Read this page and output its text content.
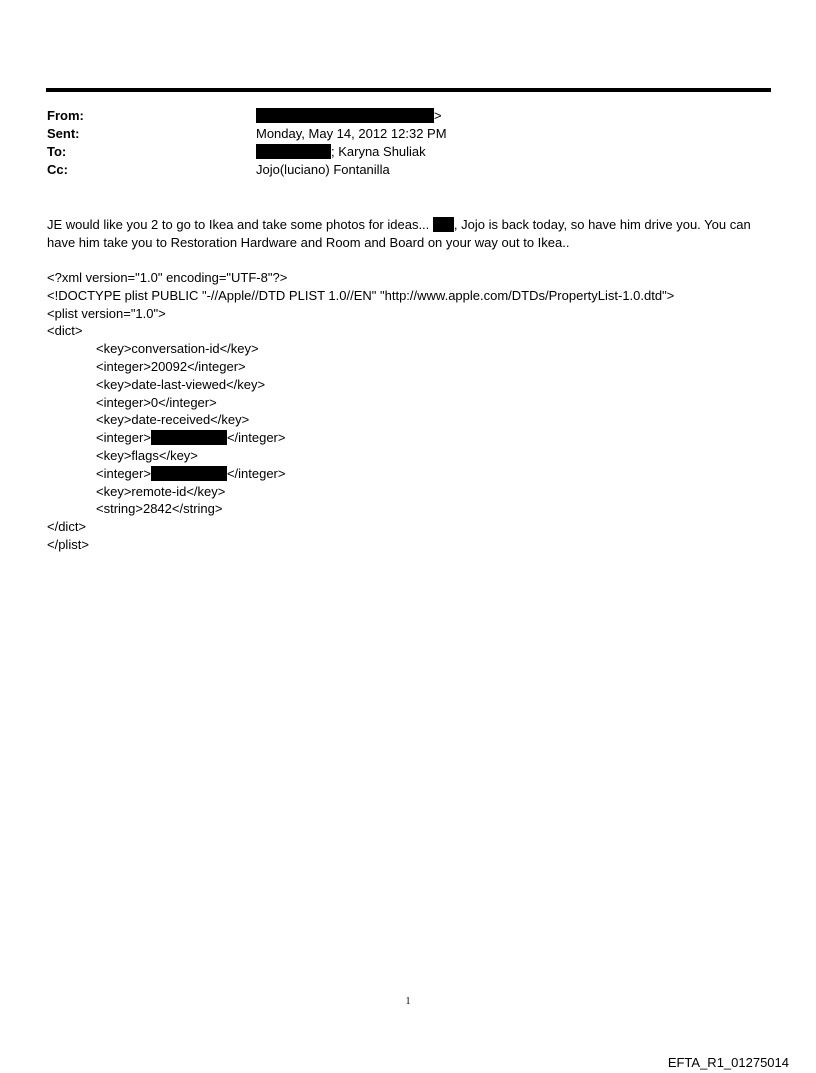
From:	>
Sent:	Monday, May 14, 2012 12:32 PM
To:	; Karyna Shuliak
Cc:	Jojo(luciano) Fontanilla

JE would like you 2 to go to Ikea and take some photos for ideas... , Jojo is back today, so have him drive you. You can

have him take you to Restoration Hardware and Room and Board on your way out to Ikea..

<?xml version="1.0" encoding="UTF-8"?>
<!DOCTYPE plist PUBLIC "-//Apple//DTD PLIST 1.0//EN" "http://www.apple.com/DTDs/PropertyList-1.0.dtd">
<plist version="1.0">
<dict>
<key>conversation-id</key>
<integer>20092</integer>
<key>date-last-viewed</key>
<integer>0</integer>
<key>date-received</key>
<integer>	</integer>
<key>flags</key>
<integer>	</integer>
<key>remote-id</key>
<string>2842</string>
</dict>
</plist>
1
EFTA_R1_01275014
